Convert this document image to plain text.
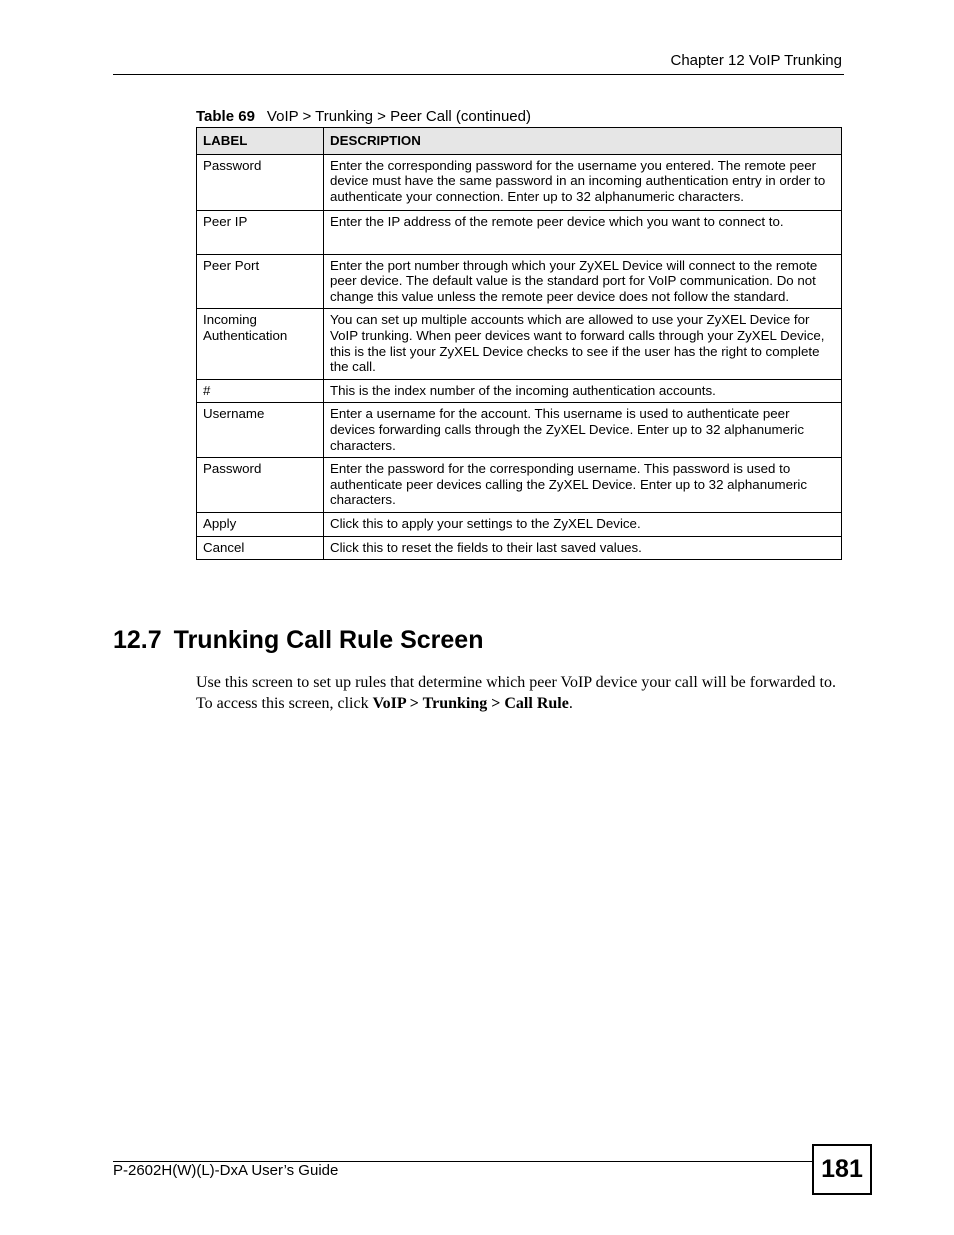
Chapter 12 VoIP Trunking
Table 69 VoIP > Trunking > Peer Call (continued)
LABEL	DESCRIPTION
Password	Enter the corresponding password for the username you entered. The remote peer device must have the same password in an incoming authentication entry in order to authenticate your connection. Enter up to 32 alphanumeric characters.
Peer IP	Enter the IP address of the remote peer device which you want to connect to.
Peer Port	Enter the port number through which your ZyXEL Device will connect to the remote peer device. The default value is the standard port for VoIP communication. Do not change this value unless the remote peer device does not follow the standard.
Incoming Authentication	You can set up multiple accounts which are allowed to use your ZyXEL Device for VoIP trunking. When peer devices want to forward calls through your ZyXEL Device, this is the list your ZyXEL Device checks to see if the user has the right to complete the call.
#	This is the index number of the incoming authentication accounts.
Username	Enter a username for the account. This username is used to authenticate peer devices forwarding calls through the ZyXEL Device. Enter up to 32 alphanumeric characters.
Password	Enter the password for the corresponding username. This password is used to authenticate peer devices calling the ZyXEL Device. Enter up to 32 alphanumeric characters.
Apply	Click this to apply your settings to the ZyXEL Device.
Cancel	Click this to reset the fields to their last saved values.
12.7 Trunking Call Rule Screen
Use this screen to set up rules that determine which peer VoIP device your call will be forwarded to. To access this screen, click VoIP > Trunking > Call Rule.
P-2602H(W)(L)-DxA User’s Guide	181
